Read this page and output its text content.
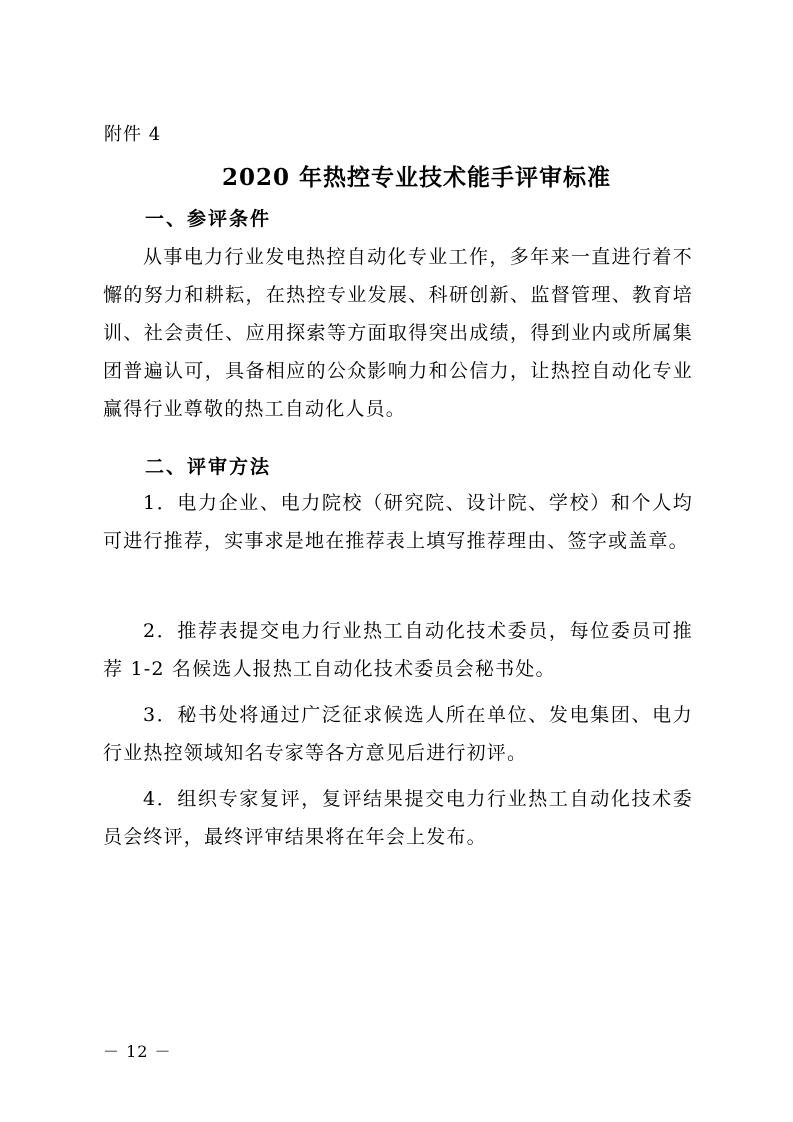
附件 4
2020 年热控专业技术能手评审标准
一、参评条件
从事电力行业发电热控自动化专业工作，多年来一直进行着不懈的努力和耕耘，在热控专业发展、科研创新、监督管理、教育培训、社会责任、应用探索等方面取得突出成绩，得到业内或所属集团普遍认可，具备相应的公众影响力和公信力，让热控自动化专业赢得行业尊敬的热工自动化人员。
二、评审方法
1．电力企业、电力院校（研究院、设计院、学校）和个人均可进行推荐，实事求是地在推荐表上填写推荐理由、签字或盖章。
2．推荐表提交电力行业热工自动化技术委员，每位委员可推荐 1-2 名候选人报热工自动化技术委员会秘书处。
3．秘书处将通过广泛征求候选人所在单位、发电集团、电力行业热控领域知名专家等各方意见后进行初评。
4．组织专家复评，复评结果提交电力行业热工自动化技术委员会终评，最终评审结果将在年会上发布。
－ 12 －
